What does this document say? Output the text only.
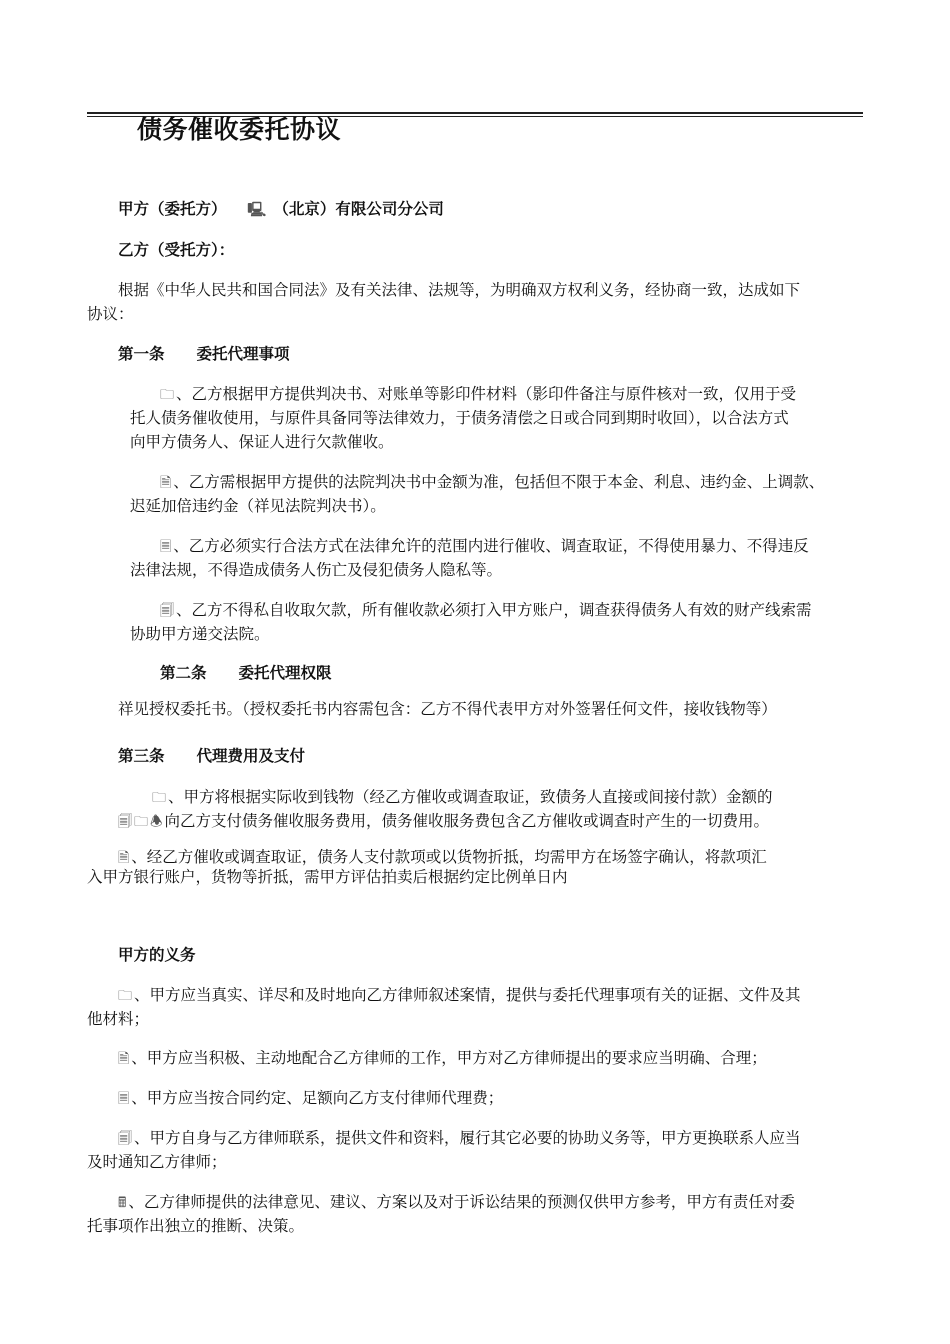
债务催收委托协议
甲方（委托方） 🖳 （北京）有限公司分公司
乙方（受托方）：
根据《中华人民共和国合同法》及有关法律、法规等，为明确双方权利义务，经协商一致，达成如下
协议：
第一条 委托代理事项
🗀 、乙方根据甲方提供判决书、对账单等影印件材料（影印件备注与原件核对一致，仅用于受
托人债务催收使用，与原件具备同等法律效力，于债务清偿之日或合同到期时收回），以合法方式
向甲方债务人、保证人进行欠款催收。
🗎 、乙方需根据甲方提供的法院判决书中金额为准，包括但不限于本金、利息、违约金、上调款、
迟延加倍违约金（祥见法院判决书）。
🗏 、乙方必须实行合法方式在法律允许的范围内进行催收、调查取证，不得使用暴力、不得违反
法律法规，不得造成债务人伤亡及侵犯债务人隐私等。
🗐 、乙方不得私自收取欠款，所有催收款必须打入甲方账户，调查获得债务人有效的财产线索需
协助甲方递交法院。
第二条 委托代理权限
祥见授权委托书。（授权委托书内容需包含：乙方不得代表甲方对外签署任何文件，接收钱物等）
第三条 代理费用及支付
🗀 、甲方将根据实际收到钱物（经乙方催收或调查取证，致债务人直接或间接付款）金额的
🗐 🗀 🕭 向乙方支付债务催收服务费用，债务催收服务费包含乙方催收或调查时产生的一切费用。
🗎 、经乙方催收或调查取证，债务人支付款项或以货物折抵，均需甲方在场签字确认，将款项汇
入甲方银行账户，货物等折抵，需甲方评估拍卖后根据约定比例单日内
甲方的义务
🗀 、甲方应当真实、详尽和及时地向乙方律师叙述案情，提供与委托代理事项有关的证据、文件及其
他材料；
🗎 、甲方应当积极、主动地配合乙方律师的工作，甲方对乙方律师提出的要求应当明确、合理；
🗏 、甲方应当按合同约定、足额向乙方支付律师代理费；
🗐 、甲方自身与乙方律师联系，提供文件和资料，履行其它必要的协助义务等，甲方更换联系人应当
及时通知乙方律师；
🖩 、乙方律师提供的法律意见、建议、方案以及对于诉讼结果的预测仅供甲方参考，甲方有责任对委
托事项作出独立的推断、决策。
